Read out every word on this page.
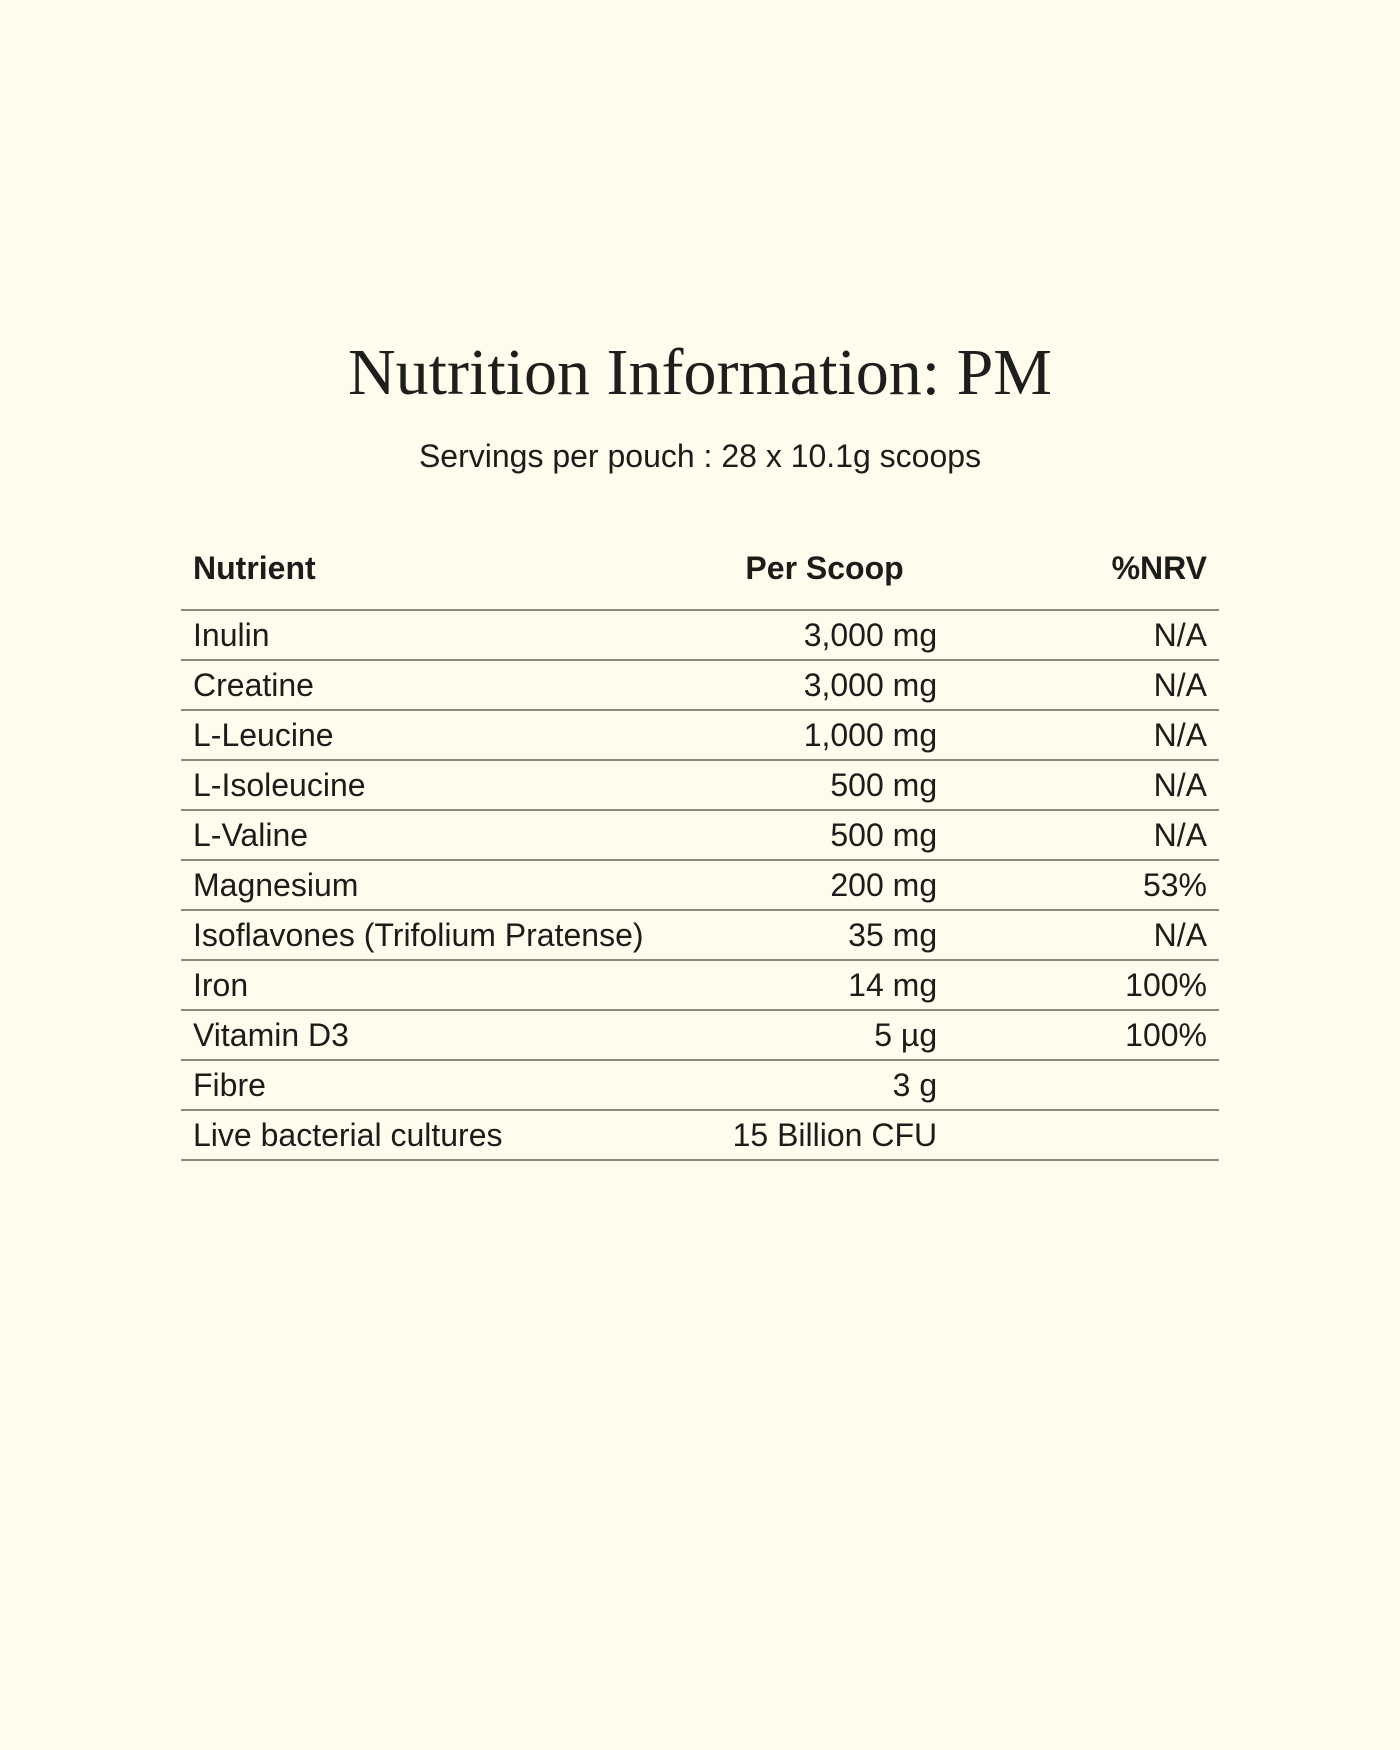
Nutrition Information: PM

Servings per pouch : 28 x 10.1g scoops

Nutrient	Per Scoop	%NRV
Inulin	3,000 mg	N/A
Creatine	3,000 mg	N/A
L-Leucine	1,000 mg	N/A
L-Isoleucine	500 mg	N/A
L-Valine	500 mg	N/A
Magnesium	200 mg	53%
Isoflavones (Trifolium Pratense)	35 mg	N/A
Iron	14 mg	100%
Vitamin D3	5 µg	100%
Fibre	3 g	
Live bacterial cultures	15 Billion CFU	
